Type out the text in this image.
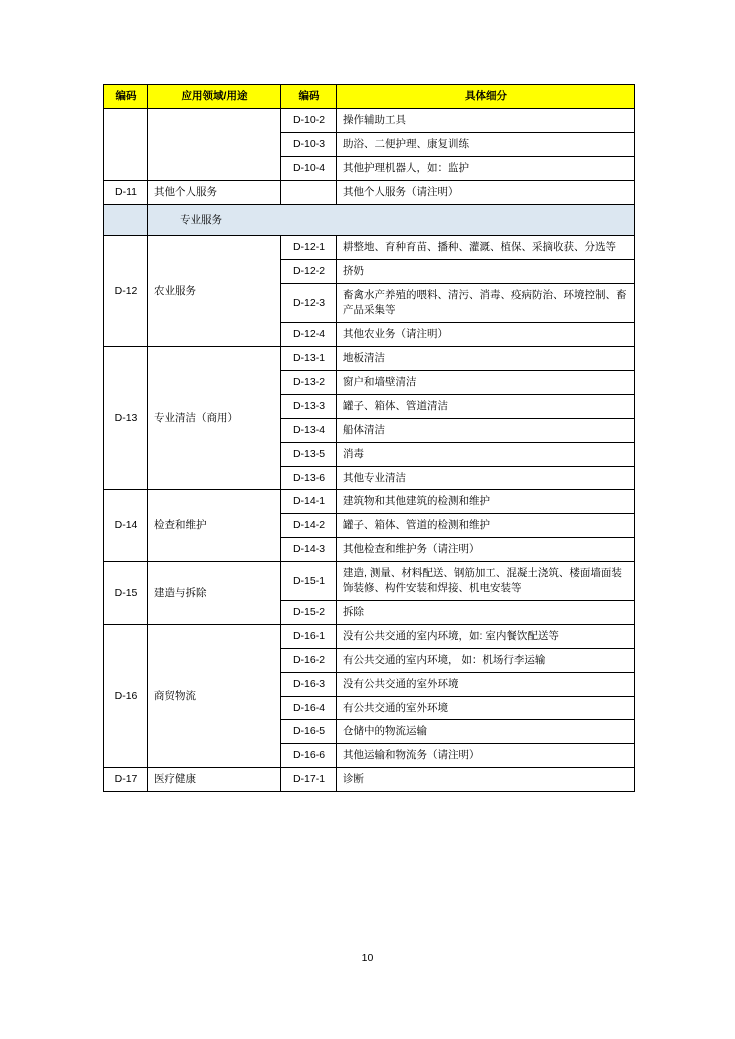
编码	应用领域/用途	编码	具体细分
		D-10-2	操作辅助工具
		D-10-3	助浴、二便护理、康复训练
		D-10-4	其他护理机器人，如：监护
D-11	其他个人服务		其他个人服务（请注明）
	专业服务		
D-12	农业服务	D-12-1	耕整地、育种育苗、播种、灌溉、植保、采摘收获、分选等
		D-12-2	挤奶
		D-12-3	畜禽水产养殖的喂料、清污、消毒、疫病防治、环境控制、畜产品采集等
		D-12-4	其他农业务（请注明）
D-13	专业清洁（商用）	D-13-1	地板清洁
		D-13-2	窗户和墙壁清洁
		D-13-3	罐子、箱体、管道清洁
		D-13-4	船体清洁
		D-13-5	消毒
		D-13-6	其他专业清洁
D-14	检查和维护	D-14-1	建筑物和其他建筑的检测和维护
		D-14-2	罐子、箱体、管道的检测和维护
		D-14-3	其他检查和维护务（请注明）
D-15	建造与拆除	D-15-1	建造, 测量、材料配送、钢筋加工、混凝土浇筑、楼面墙面装饰装修、构件安装和焊接、机电安装等
		D-15-2	拆除
D-16	商贸物流	D-16-1	没有公共交通的室内环境，如: 室内餐饮配送等
		D-16-2	有公共交通的室内环境， 如：机场行李运输
		D-16-3	没有公共交通的室外环境
		D-16-4	有公共交通的室外环境
		D-16-5	仓储中的物流运输
		D-16-6	其他运输和物流务（请注明）
D-17	医疗健康	D-17-1	诊断
10
